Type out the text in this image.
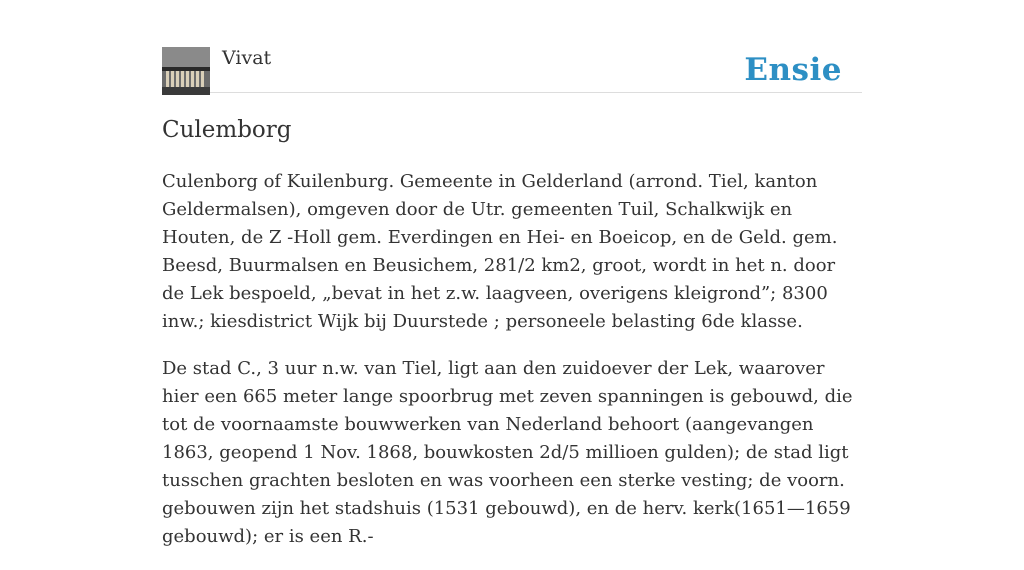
Vivat	Ensie
Culemborg

Culenborg of Kuilenburg. Gemeente in Gelderland (arrond. Tiel, kanton Geldermalsen), omgeven door de Utr. gemeenten Tuil, Schalkwijk en Houten, de Z -Holl gem. Everdingen en Hei- en Boeicop, en de Geld. gem. Beesd, Buurmalsen en Beusichem, 281/2 km2, groot, wordt in het n. door de Lek bespoeld, „bevat in het z.w. laagveen, overigens kleigrond”; 8300 inw.; kiesdistrict Wijk bij Duurstede ; personeele belasting 6de klasse.

De stad C., 3 uur n.w. van Tiel, ligt aan den zuidoever der Lek, waarover hier een 665 meter lange spoorbrug met zeven spanningen is gebouwd, die tot de voornaamste bouwwerken van Nederland behoort (aangevangen 1863, geopend 1 Nov. 1868, bouwkosten 2d/5 millioen gulden); de stad ligt tusschen grachten besloten en was voorheen een sterke vesting; de voorn. gebouwen zijn het stadshuis (1531 gebouwd), en de herv. kerk(1651—1659 gebouwd); er is een R.-
